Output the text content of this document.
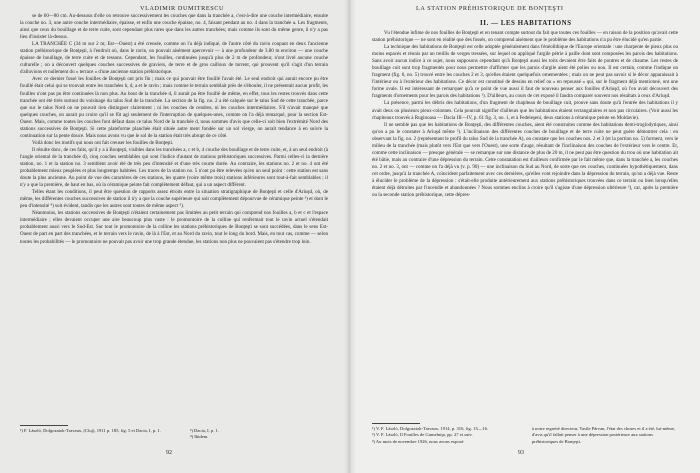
VLADIMIR DUMITRESCU

se de 60—80 cm. Au-dessous d'elle on retrouve successivement les couches que dans la tranchée a, c'est-à-dire une couche intermédiaire, ensuite la couche no. 3, une autre couche intermédiaire, épaisse, et enfin une couche épaisse, no. 4, faisant pendant au no. 4 dans la tranchée a. Les fragments, ainsi que ceux du bouillage et de terre cuite, sont cependant plus rares que dans les autres tranchées; mais comme ils sont du même genre, il n'y a pas lieu d'insister là-dessus.

LA TRANCHÉE C (34 m sur 2 m; Est—Ouest) a été creusée, comme on l'a déjà indiqué, de l'autre côté du ravin coupant en deux l'ancienne station préhistorique de Bonţeşti, à l'endroit où, dans le ravin, on pouvait aisément apercevoir — à une profondeur de 3.80 m environ — une couche épaisse de bouillage, de terre cuite et de tessons. Cependant, les fouilles, continuées jusqu'à plus de 2 m de profondeur, n'ont livré aucune couche culturelle ; on a découvert quelques couches successives de graviers, de terre et de gros cailloux de torrent, qui prouvent qu'il s'agit d'un terrain d'alluvions et nullement du « terrace » d'une ancienne station préhistorique.

Avec ce dernier fossé les fouilles de Bonţeşti ont pris fin ; mais ce qui pouvait être fouillé l'avait été. Le seul endroit qui aurait encore pu être fouillé était celui qui se trouvait entre les tranchées b, d, a et le ravin ; mais comme le terrain semblait près de s'ébouler, il ne présentait aucun profit, les fouilles n'ont pas pu être continuées là non plus. Au bout de la tranchée d, il aurait pu être fouillé de même, en effet, tous les restes trouvés dans cette tranchée ont été tirés surtout du voisinage du talus Sud de la tranchée. La section de la fig. no. 2 a été calquée sur le talus Sud de cette tranchée, parce que sur le talus Nord on ne pouvait rien distinguer clairement ; ni les couches de cendres, ni les couches intermédiaires. S'il n'avait manqué que quelques couches, on aurait pu croire qu'il se fût agi seulement de l'interruption de quelques-unes, comme on l'a déjà remarqué, pour la section Est-Ouest. Mais, comme toutes les couches font défaut dans ce talus Nord de la tranchée d, nous sommes d'avis que celle-ci soit bien l'extrémité Nord des stations successives de Bonţeşti. Si cette plateforme planchée était située autre ment fondée sur un sol vierge, on aurait tendance à en suivre la continuation sur la pente douce. Mais nous avons vu que le sol de la station était très abrupt de ce côté.

Voilà donc les motifs qui nous ont fait creuser les fouilles de Bonţeşti.

Il résulte donc, de ces faits, qu'il y a à Bonţeşti, visibles dans les tranchées a, c et b, 4 couche des bouillage et de terre cuite, et, à un seul endroit (à l'angle oriental de la tranchée d), cinq couches semblables qui sont l'indice d'autant de stations préhistoriques successives. Parmi celles-ci la dernière station, no. 1 et la station no. 3 semblent avoir été de très peu d'intensité et d'une très courte durée. Au contraire, les stations no. 2 et no. 4 ont été probablement mieux peuplées et plus longtemps habitées. Les traces de la station no. 5 n'ont pu être relevées qu'en un seul point : cette station est sans doute la plus ancienne. Au point de vue des caractères de ces stations, les quatre (voire même trois) stations inférieures sont tout-à-fait semblables ; il n'y a que la première, de haut en bas, où la céramique peinte fait complètement défaut, qui a un aspect différent.

Telles étant les conditions, il peut être question de rapports assez étroits entre la situation stratigraphique de Bonţeşti et celle d'Ariuşd, où, de même, les différentes couches successives de station il n'y a que la couche supérieure qui soit complètement dépourvue de céramique peinte ³) et dont le peu d'intensité ⁴) soit évident, tandis que les autres sont toutes de même aspect ⁵).

Néanmoins, les stations successives de Bonţeşti n'étaient certainement pas limitées au petit terrain qui comprend nos fouilles a, b et c et l'espace intermédiaire ; elles devaient occuper une aire beaucoup plus vaste : le promontoire de la colline qui renfermait tout le ravin actuel s'étendait probablement aussi vers le Sud-Est. Sur tout le promontoire de la colline les stations préhistoriques de Bonţeşti se sont succédées, dans le sens Est-Ouest de part en part des tranchées, et le terrain vers le ravin, de là à l'Est, et au Nord du ravin, tout le long du bord. Mais, en tout cas, comme — selon toutes les probabilités — le promontoire ne pouvait pas avoir une trop grande étendue, les stations non plus ne pouvaient pas s'étendre trop loin.

¹) F. László, Dolgozatok-Travaux, (Cluj), 1911 p. 185, fig. 5 et Dacia, I, p. 1.	³) Dacia, I, p. 1.
⁴) Ibidem.
92
LA STATION PRÉHISTORIQUE DE BONŢEŞTI
II. — LES HABITATIONS

Vu l'étendue infime de nos fouilles de Bonţeşti et en tenant compte surtout du fait que toutes ces fouilles — en raison de la position qu'avait cette station préhistorique — ne sont en réalité que des fossés, on comprend aisément que le problème des habitations n'a pu être élucidé qu'en partie.

La technique des habitations de Bonţeşti est celle adoptée généralement dans l'énéolithique de l'Europe orientale : une charpente de pieux plus ou moins espacés et réunis par un treillis de verges tressées, sur lequel on appliqué l'argile pétrie à paille dont sont composées les parois des habitations. Sans avoir aucun indice à ce sujet, nous supposons cependant qu'à Bonţeşti aussi les toits devaient être faits de poutres et de chaume. Les restes de bouillage cuit sont trop fragmentés pour nous permettre d'affirmer que les parois d'argile aient été polies ou non. Il est certain, comme l'indique un fragment (fig. 6, no. 5) trouvé entre les couches 2 et 3, qu'elles étaient quelquefois ornementées ; mais on ne peut pas savoir si le décor apparaissait à l'intérieur ou à l'extérieur des habitations. Ce décor est constitué de dessins en relief ou « en repoussé » qui, sur le fragment déjà mentionné, ont une forme ovale. Il est intéressant de remarquer qu'à ce point de vue aussi il faut de nouveau penser aux fouilles d'Ariuşd, où l'on avait découvert des fragments d'ornements pour les parois des habitations ¹). D'ailleurs, au cours de cet exposé il faudra comparer souvent nos résultats à ceux d'Ariuşd.

La présence, parmi les débris des habitations, d'un fragment de chapiteau de bouillage cuit, prouve sans doute qu'à l'entrée des habitations il y avait deux ou plusieurs pieux-colonnes. Cela pourrait signifier d'ailleurs que les habitations étaient rectangulaires et non pas circulaires. (Voir aussi les chapiteaux trouvés à Ruginoasa — Dacia III—IV, p. 61 fig. 3, no. 1, et à Fedeleşeni, deux stations à céramique peinte en Moldavie).

Il ne semble pas que les habitations de Bonţeşti, des différentes couches, aient été construites comme des habitations demi-troglodytiques, ainsi qu'on a pu le constater à Ariuşd même ²). L'inclinaison des différentes couches de bouillage et de terre cuite ne peut guère démontrer cela : en observant la fig. no. 2 (représentant le profil du talus Sud de la tranchée A), on constate que les couches nos. 2 et 3 (et la portion no. 5) forment, vers le milieu de la tranchée (mais plutôt vers l'Est que vers l'Ouest), une sorte d'auge, résultant de l'inclinaison des couches de l'extérieur vers le centre. Et, comme cette inclinaison — presque générale — se remarque sur une distance de plus de 20 m, il ne peut pas être question du trou où une habitation ait été bâtie, mais au contraire d'une dépression du terrain. Cette constatation est d'ailleurs confirmée par le fait même que, dans la tranchée a, les couches no. 2 et no. 3, ont — comme on l'a déjà vu (v. p. 90) — une inclinaison du Sud au Nord, de sorte que ces couches, continuées hypothétiquement, dans cet ordre, jusqu'à la tranchée A, coïncident parfaitement avec ces dernières, qu'elles vont rejoindre dans la dépression du terrain, qu'on a déjà vue. Reste à élucider le problème de la dépression : s'était-elle produite antérieurement aux stations préhistoriques trouvées dans ce terrain ou bien lorsqu'elles étaient déjà détruites par l'incendie et abandonnées ? Nous sommes enclins à croire qu'il s'agisse d'une dépression ultérieure ³), car, après la première ou la seconde station préhistorique, cette dépres-

¹) V. F. László, Dolgozatok-Travaux, 1914, p. 316, fig. 13—16.
²) V. F. László, Il Fouilles de Gumelniţa, pp. 27 et suiv.
³) Au mois de novembre 1926, nous avons exposé
à notre regretté directeur, Vasile Pârvan, l'état des choses et il a été, lui-même, d'avis qu'il fallait penser à une dépression postérieure aux stations préhistoriques de Bonţeşti.
93
